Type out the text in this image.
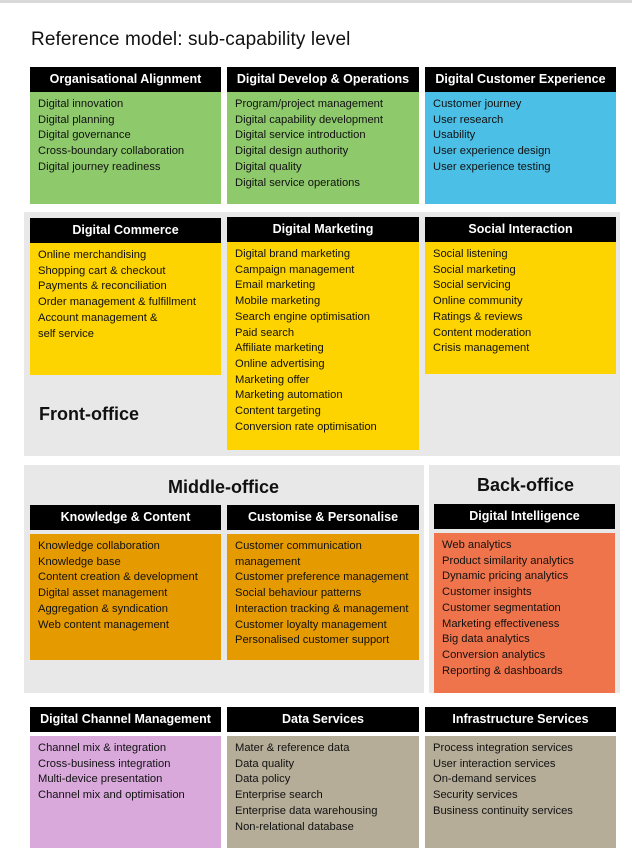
Reference model: sub-capability level
Front-office
Middle-office	Back-office
Organisational Alignment
Digital innovation
Digital planning
Digital governance
Cross-boundary collaboration
Digital journey readiness
Digital Develop & Operations
Program/project management
Digital capability development
Digital service introduction
Digital design authority
Digital quality
Digital service operations
Digital Customer Experience
Customer journey
User research
Usability
User experience design
User experience testing
Digital Commerce
Online merchandising
Shopping cart & checkout
Payments & reconciliation
Order management & fulfillment
Account management &
self service
Digital Marketing
Digital brand marketing
Campaign management
Email marketing
Mobile marketing
Search engine optimisation
Paid search
Affiliate marketing
Online advertising
Marketing offer
Marketing automation
Content targeting
Conversion rate optimisation
Social Interaction
Social listening
Social marketing
Social servicing
Online community
Ratings & reviews
Content moderation
Crisis management
Knowledge & Content
Knowledge collaboration
Knowledge base
Content creation & development
Digital asset management
Aggregation & syndication
Web content management
Customise & Personalise
Customer communication
management
Customer preference management
Social behaviour patterns
Interaction tracking & management
Customer loyalty management
Personalised customer support
Digital Intelligence
Web analytics
Product similarity analytics
Dynamic pricing analytics
Customer insights
Customer segmentation
Marketing effectiveness
Big data analytics
Conversion analytics
Reporting & dashboards
Digital Channel Management
Channel mix & integration
Cross-business integration
Multi-device presentation
Channel mix and optimisation
Data Services
Mater & reference data
Data quality
Data policy
Enterprise search
Enterprise data warehousing
Non-relational database
Infrastructure Services
Process integration services
User interaction services
On-demand services
Security services
Business continuity services
